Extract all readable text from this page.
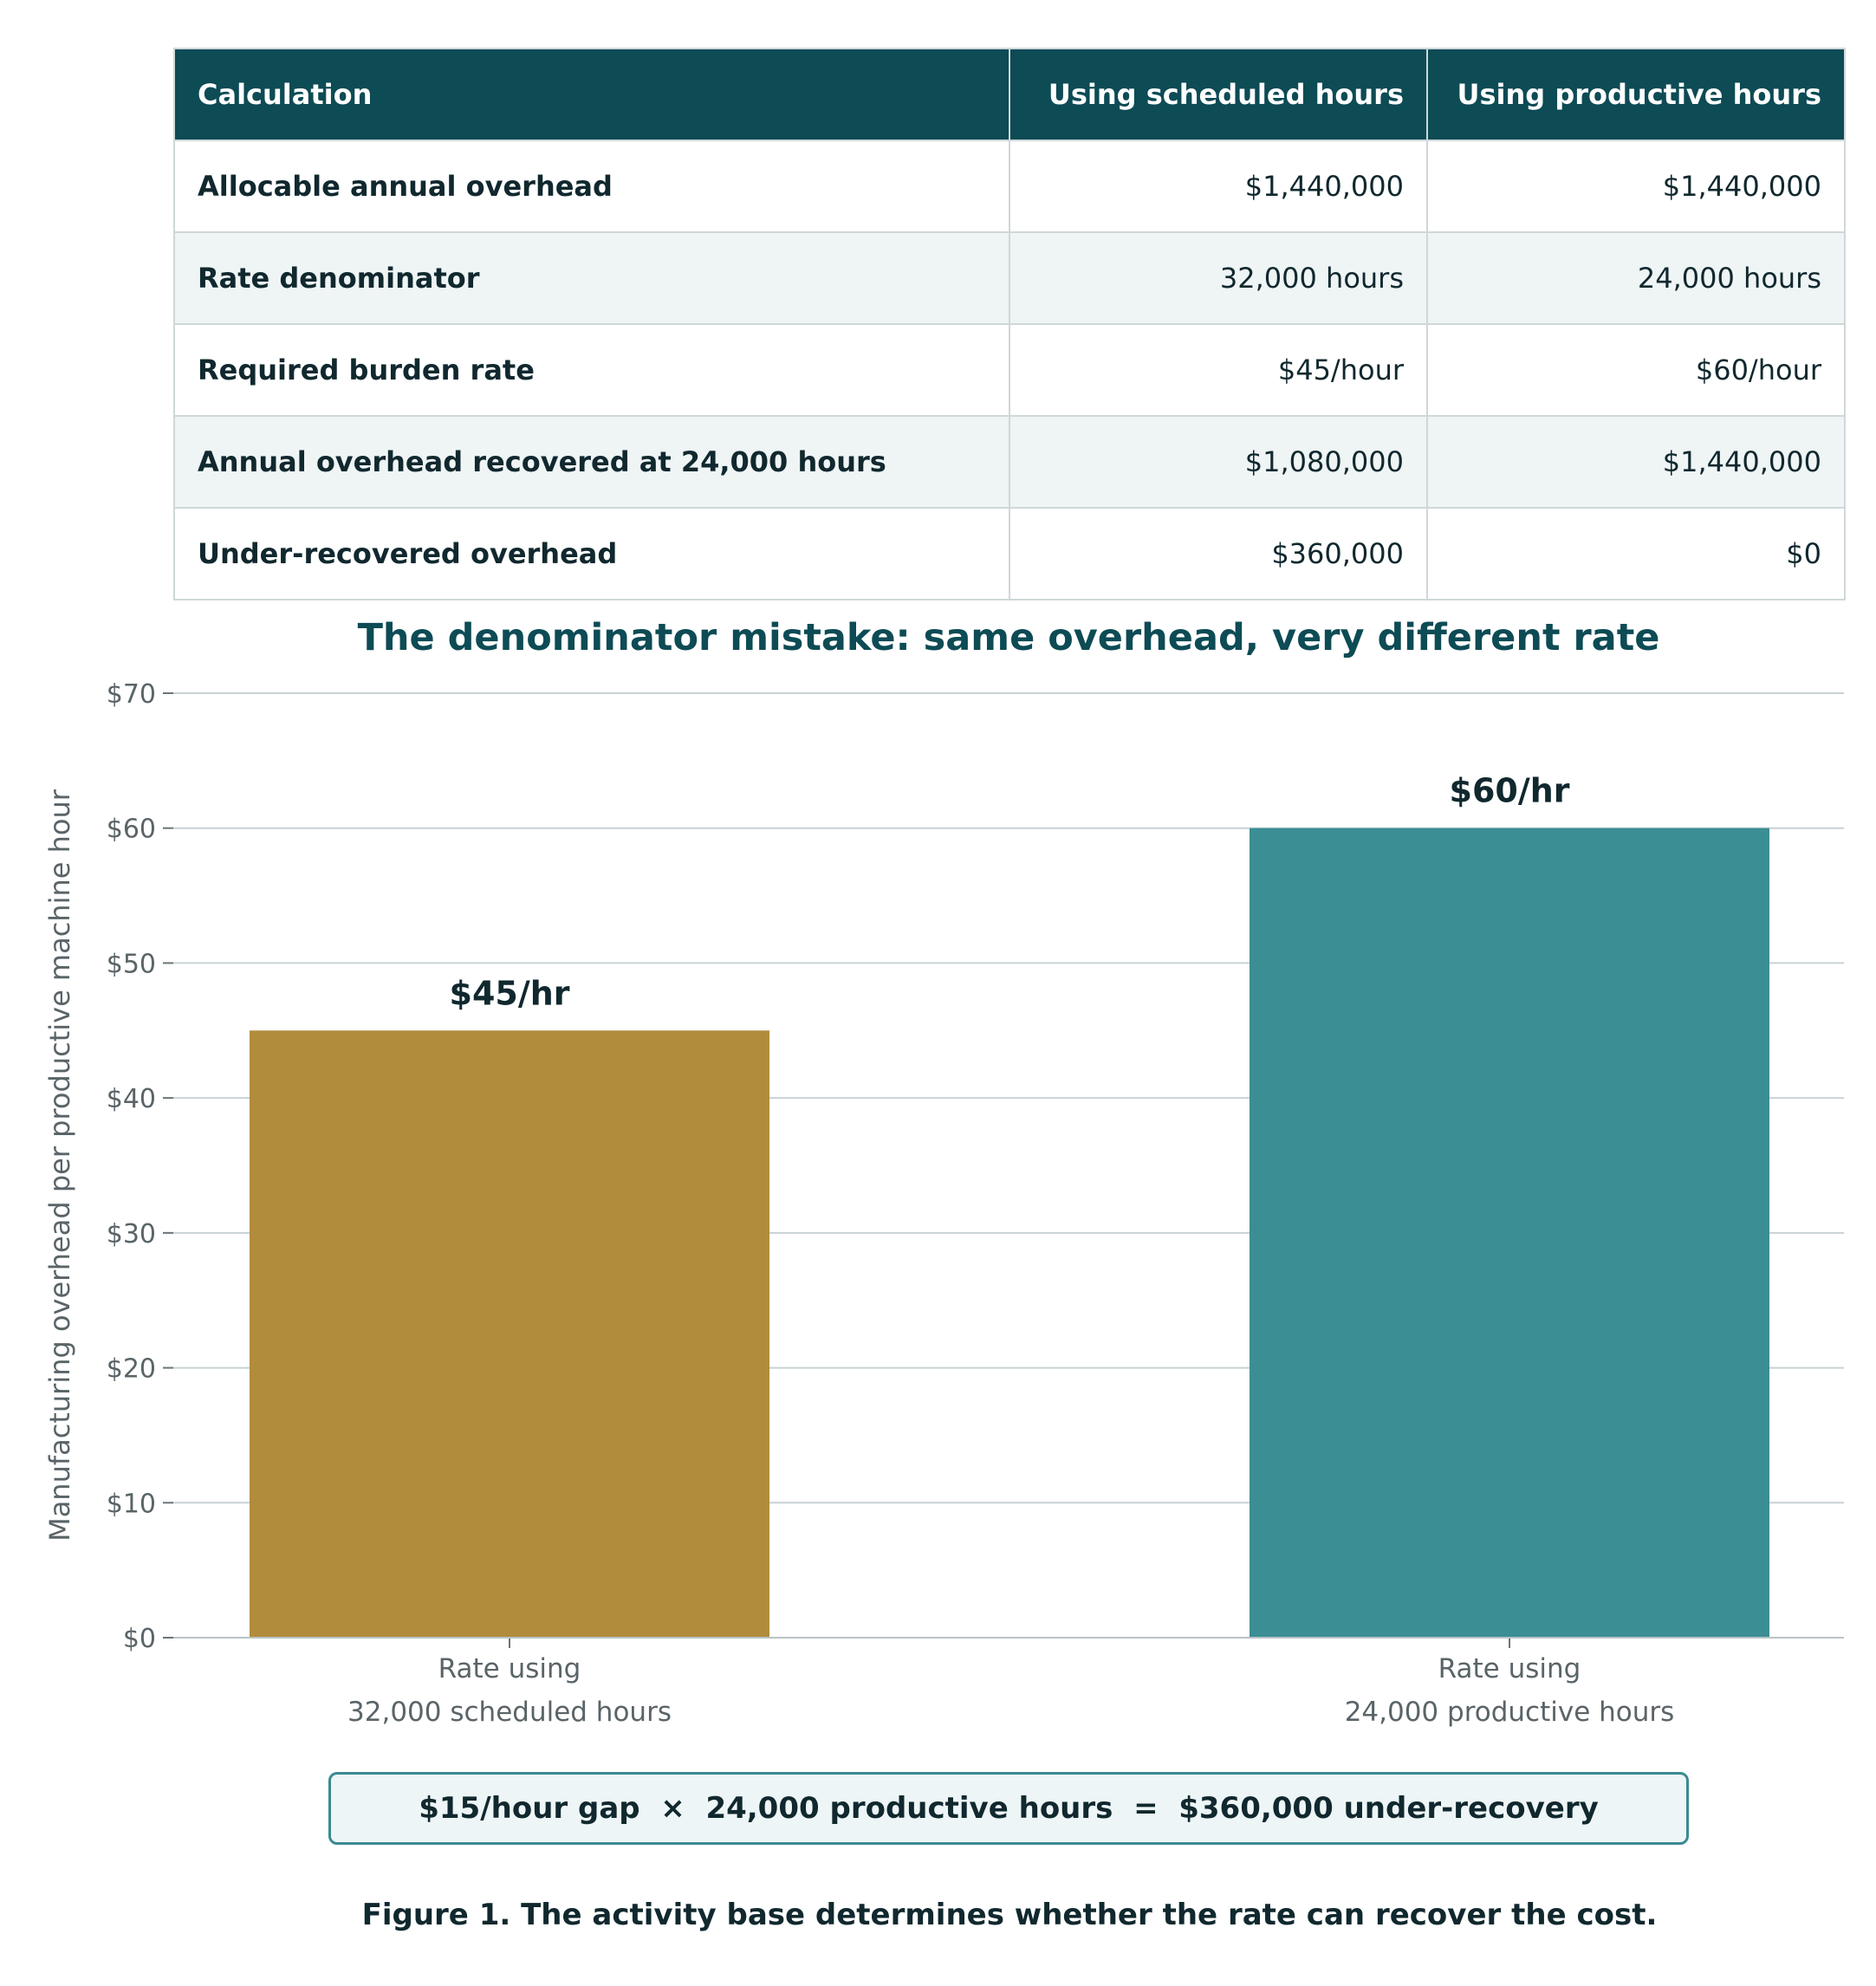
Calculation	Using scheduled hours	Using productive hours
Allocable annual overhead	$1,440,000	$1,440,000
Rate denominator	32,000 hours	24,000 hours
Required burden rate	$45/hour	$60/hour
Annual overhead recovered at 24,000 hours	$1,080,000	$1,440,000
Under-recovered overhead	$360,000	$0
The denominator mistake: same overhead, very different rate
$45/hr
$60/hr
$0
$10
$20
$30
$40
$50
$60
$70
Rate using
32,000 scheduled hours
Rate using
24,000 productive hours
Manufacturing overhead per productive machine hour
$15/hour gap  ×  24,000 productive hours  =  $360,000 under-recovery
Figure 1. The activity base determines whether the rate can recover the cost.
